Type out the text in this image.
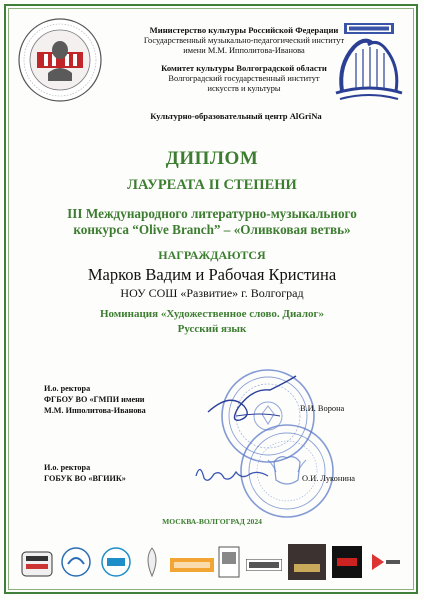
Министерство культуры Российской Федерации
Государственный музыкально-педагогический институт
имени М.М. Ипполитова-Иванова
Комитет культуры Волгоградской области
Волгоградский государственный институт
искусств и культуры
Культурно-образовательный центр AlGriNa
ДИПЛОМ
ЛАУРЕАТА II СТЕПЕНИ
III Международного литературно-музыкального
конкурса “Olive Branch” – «Оливковая ветвь»
НАГРАЖДАЮТСЯ
Марков Вадим и Рабочая Кристина
НОУ СОШ «Развитие» г. Волгоград
Номинация «Художественное слово. Диалог»
Русский язык
И.о. ректора
ФГБОУ ВО «ГМПИ имени
М.М. Ипполитова-Иванова	В.И. Ворона
И.о. ректора
ГОБУК ВО «ВГИИК»	О.И. Луконина
МОСКВА-ВОЛГОГРАД 2024
